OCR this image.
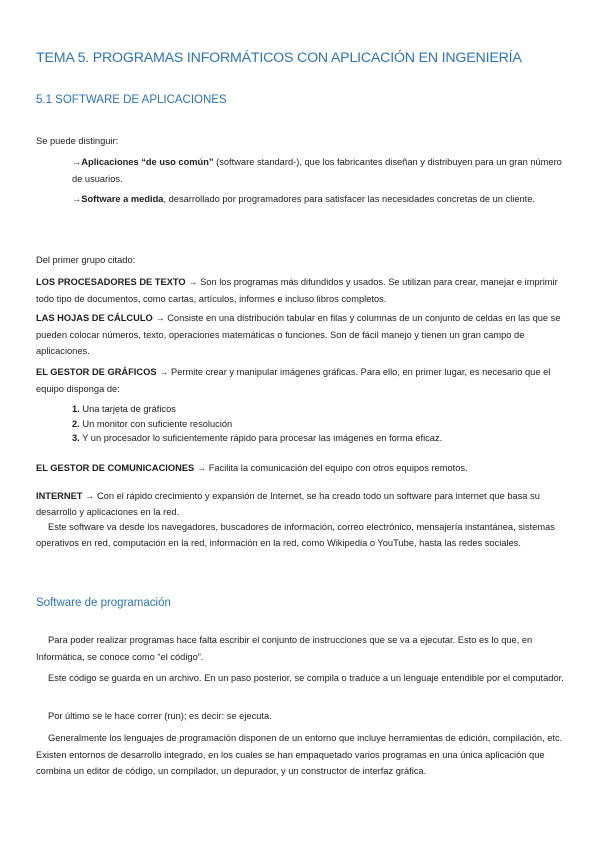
TEMA 5. PROGRAMAS INFORMÁTICOS CON APLICACIÓN EN INGENIERÍA
5.1 SOFTWARE DE APLICACIONES
Se puede distinguir:
→Aplicaciones “de uso común” (software standard-), que los fabricantes diseñan y distribuyen para un gran número de usuarios.
→Software a medida, desarrollado por programadores para satisfacer las necesidades concretas de un cliente.
Del primer grupo citado:
LOS PROCESADORES DE TEXTO → Son los programas más difundidos y usados. Se utilizan para crear, manejar e imprimir todo tipo de documentos, como cartas, artículos, informes e incluso libros completos.
LAS HOJAS DE CÁLCULO → Consiste en una distribución tabular en filas y columnas de un conjunto de celdas en las que se pueden colocar números, texto, operaciones matemáticas o funciones. Son de fácil manejo y tienen un gran campo de aplicaciones.
EL GESTOR DE GRÁFICOS → Permite crear y manipular imágenes gráficas. Para ello, en primer lugar, es necesario que el equipo disponga de:
1. Una tarjeta de gráficos
2. Un monitor con suficiente resolución
3. Y un procesador lo suficientemente rápido para procesar las imágenes en forma eficaz.
EL GESTOR DE COMUNICACIONES → Facilita la comunicación del equipo con otros equipos remotos.
INTERNET → Con el rápido crecimiento y expansión de Internet, se ha creado todo un software para internet que basa su desarrollo y aplicaciones en la red.
Este software va desde los navegadores, buscadores de información, correo electrónico, mensajería instantánea, sistemas operativos en red, computación en la red, información en la red, como Wikipedia o YouTube, hasta las redes sociales.
Software de programación
Para poder realizar programas hace falta escribir el conjunto de instrucciones que se va a ejecutar. Esto es lo que, en Informática, se conoce como “el código”.
Este código se guarda en un archivo. En un paso posterior, se compila o traduce a un lenguaje entendible por el computador.
Por último se le hace correr (run); es decir: se ejecuta.
Generalmente los lenguajes de programación disponen de un entorno que incluye herramientas de edición, compilación, etc. Existen entornos de desarrollo integrado, en los cuales se han empaquetado varios programas en una única aplicación que combina un editor de código, un compilador, un depurador, y un constructor de interfaz gráfica.
